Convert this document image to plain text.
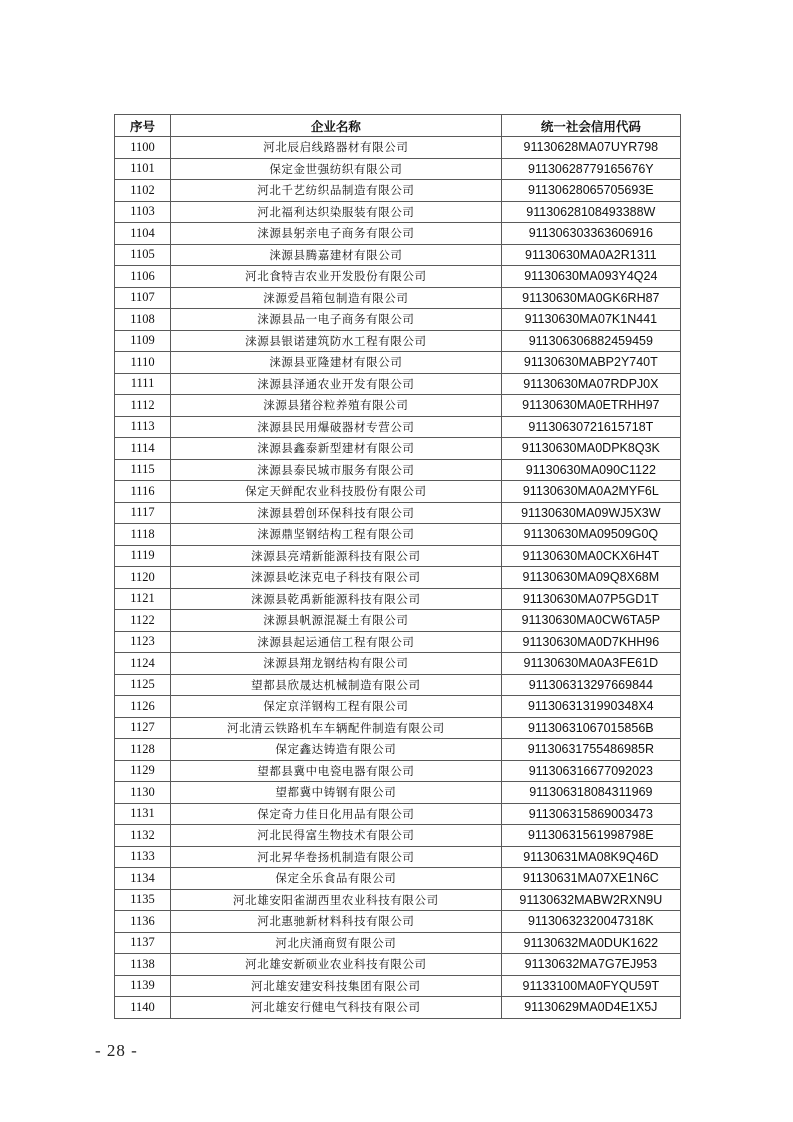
序号	企业名称	统一社会信用代码
1100	河北辰启线路器材有限公司	91130628MA07UYR798
1101	保定金世强纺织有限公司	91130628779165676Y
1102	河北千艺纺织品制造有限公司	91130628065705693E
1103	河北福利达织染服装有限公司	91130628108493388W
1104	涞源县躬亲电子商务有限公司	911306303363606916
1105	涞源县腾嘉建材有限公司	91130630MA0A2R1311
1106	河北食特吉农业开发股份有限公司	91130630MA093Y4Q24
1107	涞源爱昌箱包制造有限公司	91130630MA0GK6RH87
1108	涞源县品一电子商务有限公司	91130630MA07K1N441
1109	涞源县银诺建筑防水工程有限公司	911306306882459459
1110	涞源县亚隆建材有限公司	91130630MABP2Y740T
1111	涞源县泽通农业开发有限公司	91130630MA07RDPJ0X
1112	涞源县猪谷粒养殖有限公司	91130630MA0ETRHH97
1113	涞源县民用爆破器材专营公司	91130630721615718T
1114	涞源县鑫泰新型建材有限公司	91130630MA0DPK8Q3K
1115	涞源县泰民城市服务有限公司	91130630MA090C1122
1116	保定天鲜配农业科技股份有限公司	91130630MA0A2MYF6L
1117	涞源县碧创环保科技有限公司	91130630MA09WJ5X3W
1118	涞源鼎坚钢结构工程有限公司	91130630MA09509G0Q
1119	涞源县亮靖新能源科技有限公司	91130630MA0CKX6H4T
1120	涞源县屹涞克电子科技有限公司	91130630MA09Q8X68M
1121	涞源县乾禹新能源科技有限公司	91130630MA07P5GD1T
1122	涞源县帆源混凝土有限公司	91130630MA0CW6TA5P
1123	涞源县起运通信工程有限公司	91130630MA0D7KHH96
1124	涞源县翔龙钢结构有限公司	91130630MA0A3FE61D
1125	望都县欣晟达机械制造有限公司	911306313297669844
1126	保定京洋钢构工程有限公司	9113063131990348X4
1127	河北清云铁路机车车辆配件制造有限公司	91130631067015856B
1128	保定鑫达铸造有限公司	91130631755486985R
1129	望都县冀中电瓷电器有限公司	911306316677092023
1130	望都冀中铸钢有限公司	911306318084311969
1131	保定奇力佳日化用品有限公司	911306315869003473
1132	河北民得富生物技术有限公司	91130631561998798E
1133	河北昇华卷扬机制造有限公司	91130631MA08K9Q46D
1134	保定全乐食品有限公司	91130631MA07XE1N6C
1135	河北雄安阳雀湖西里农业科技有限公司	91130632MABW2RXN9U
1136	河北惠驰新材料科技有限公司	91130632320047318K
1137	河北庆涌商贸有限公司	91130632MA0DUK1622
1138	河北雄安新硕业农业科技有限公司	91130632MA7G7EJ953
1139	河北雄安建安科技集团有限公司	91133100MA0FYQU59T
1140	河北雄安行健电气科技有限公司	91130629MA0D4E1X5J
- 28 -
